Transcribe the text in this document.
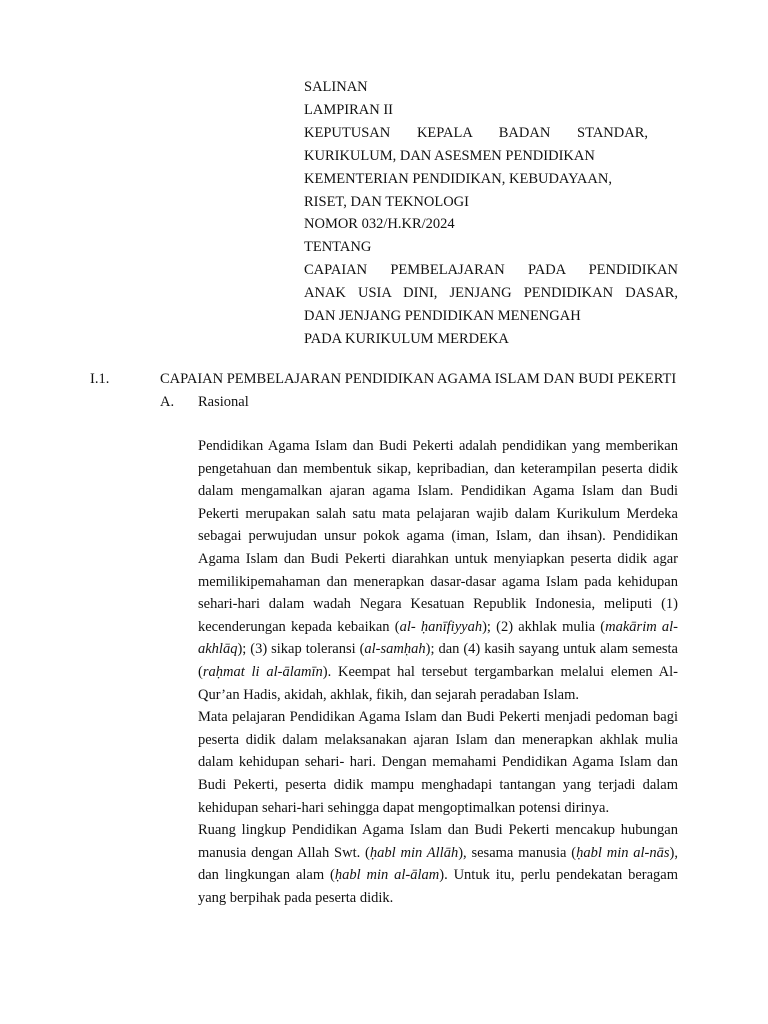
SALINAN
LAMPIRAN II
KEPUTUSAN KEPALA BADAN STANDAR,
KURIKULUM, DAN ASESMEN PENDIDIKAN
KEMENTERIAN PENDIDIKAN, KEBUDAYAAN,
RISET, DAN TEKNOLOGI
NOMOR 032/H.KR/2024
TENTANG
CAPAIAN PEMBELAJARAN PADA PENDIDIKAN
ANAK USIA DINI, JENJANG PENDIDIKAN DASAR,
DAN JENJANG PENDIDIKAN MENENGAH
PADA KURIKULUM MERDEKA
I.1.	CAPAIAN PEMBELAJARAN PENDIDIKAN AGAMA ISLAM DAN BUDI PEKERTI
A.	Rasional

Pendidikan Agama Islam dan Budi Pekerti adalah pendidikan yang memberikan pengetahuan dan membentuk sikap, kepribadian, dan keterampilan peserta didik dalam mengamalkan ajaran agama Islam. Pendidikan Agama Islam dan Budi Pekerti merupakan salah satu mata pelajaran wajib dalam Kurikulum Merdeka sebagai perwujudan unsur pokok agama (iman, Islam, dan ihsan). Pendidikan Agama Islam dan Budi Pekerti diarahkan untuk menyiapkan peserta didik agar memilikipemahaman dan menerapkan dasar-dasar agama Islam pada kehidupan sehari-hari dalam wadah Negara Kesatuan Republik Indonesia, meliputi (1) kecenderungan kepada kebaikan (al- ḥanīfiyyah); (2) akhlak mulia (makārim al-akhlāq); (3) sikap toleransi (al-samḥah); dan (4) kasih sayang untuk alam semesta (raḥmat li al-ālamīn). Keempat hal tersebut tergambarkan melalui elemen Al-Qur’an Hadis, akidah, akhlak, fikih, dan sejarah peradaban Islam.

Mata pelajaran Pendidikan Agama Islam dan Budi Pekerti menjadi pedoman bagi peserta didik dalam melaksanakan ajaran Islam dan menerapkan akhlak mulia dalam kehidupan sehari- hari. Dengan memahami Pendidikan Agama Islam dan Budi Pekerti, peserta didik mampu menghadapi tantangan yang terjadi dalam kehidupan sehari-hari sehingga dapat mengoptimalkan potensi dirinya.

Ruang lingkup Pendidikan Agama Islam dan Budi Pekerti mencakup hubungan manusia dengan Allah Swt. (ḥabl min Allāh), sesama manusia (ḥabl min al-nās), dan lingkungan alam (ḥabl min al-ālam). Untuk itu, perlu pendekatan beragam yang berpihak pada peserta didik.
